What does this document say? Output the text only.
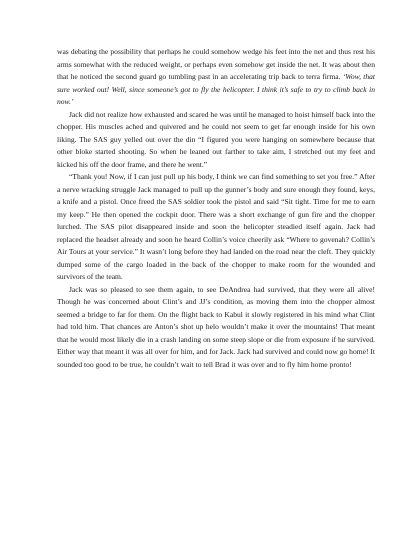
was debating the possibility that perhaps he could somehow wedge his feet into the net and thus rest his arms somewhat with the reduced weight, or perhaps even somehow get inside the net. It was about then that he noticed the second guard go tumbling past in an accelerating trip back to terra firma. ‘Wow, that sure worked out! Well, since someone’s got to fly the helicopter. I think it’s safe to try to climb back in now.’

Jack did not realize how exhausted and scared he was until he managed to hoist himself back into the chopper. His muscles ached and quivered and he could not seem to get far enough inside for his own liking. The SAS guy yelled out over the din “I figured you were hanging on somewhere because that other bloke started shooting. So when he leaned out farther to take aim, I stretched out my feet and kicked his off the door frame, and there he went.”

“Thank you! Now, if I can just pull up his body, I think we can find something to set you free.” After a nerve wracking struggle Jack managed to pull up the gunner’s body and sure enough they found, keys, a knife and a pistol. Once freed the SAS soldier took the pistol and said “Sit tight. Time for me to earn my keep.” He then opened the cockpit door. There was a short exchange of gun fire and the chopper lurched. The SAS pilot disappeared inside and soon the helicopter steadied itself again. Jack had replaced the headset already and soon he heard Collin’s voice cheerily ask “Where to govenah? Collin’s Air Tours at your service.” It wasn’t long before they had landed on the road near the cleft. They quickly dumped some of the cargo loaded in the back of the chopper to make room for the wounded and survivors of the team.

Jack was so pleased to see them again, to see DeAndrea had survived, that they were all alive! Though he was concerned about Clint’s and JJ’s condition, as moving them into the chopper almost seemed a bridge to far for them. On the flight back to Kabul it slowly registered in his mind what Clint had told him. That chances are Anton’s shot up helo wouldn’t make it over the mountains! That meant that he would most likely die in a crash landing on some steep slope or die from exposure if he survived. Either way that meant it was all over for him, and for Jack. Jack had survived and could now go home! It sounded too good to be true, he couldn’t wait to tell Brad it was over and to fly him home pronto!
